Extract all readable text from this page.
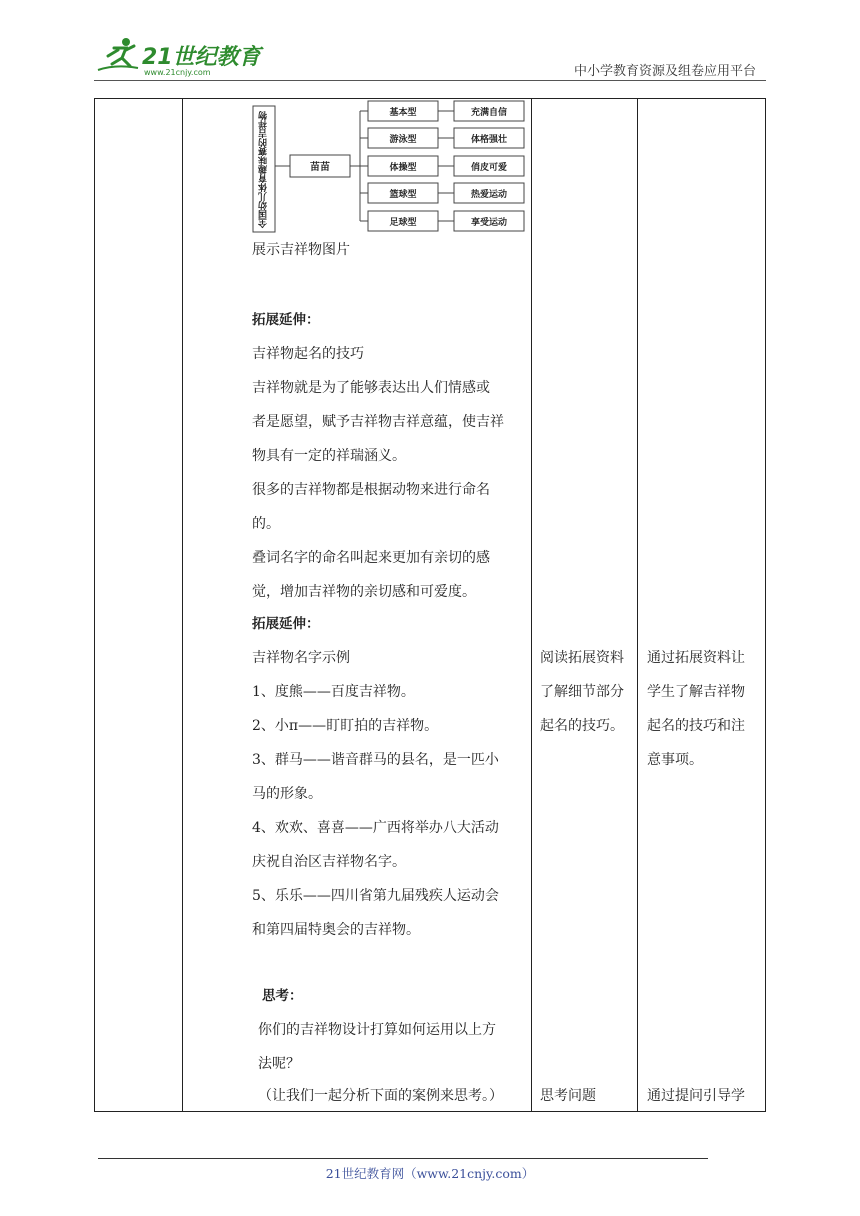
21世纪教育
www.21cnjy.com	中小学教育资源及组卷应用平台
全国幼儿体育趣味赛的吉祥物	苗苗
基本型
游泳型
体操型
篮球型
足球型
充满自信
体格强壮
俏皮可爱
热爱运动
享受运动
展示吉祥物图片
拓展延伸：
吉祥物起名的技巧
吉祥物就是为了能够表达出人们情感或
者是愿望，赋予吉祥物吉祥意蕴，使吉祥
物具有一定的祥瑞涵义。
很多的吉祥物都是根据动物来进行命名
的。
叠词名字的命名叫起来更加有亲切的感
觉，增加吉祥物的亲切感和可爱度。
拓展延伸：
吉祥物名字示例
1、度熊——百度吉祥物。
2、小π——盯盯拍的吉祥物。
3、群马——谐音群马的县名，是一匹小
马的形象。
4、欢欢、喜喜——广西将举办八大活动
庆祝自治区吉祥物名字。
5、乐乐——四川省第九届残疾人运动会
和第四届特奥会的吉祥物。
思考：
你们的吉祥物设计打算如何运用以上方
法呢？
（让我们一起分析下面的案例来思考。）
阅读拓展资料
了解细节部分
起名的技巧。
思考问题
通过拓展资料让
学生了解吉祥物
起名的技巧和注
意事项。
通过提问引导学
21世纪教育网（www.21cnjy.com）
